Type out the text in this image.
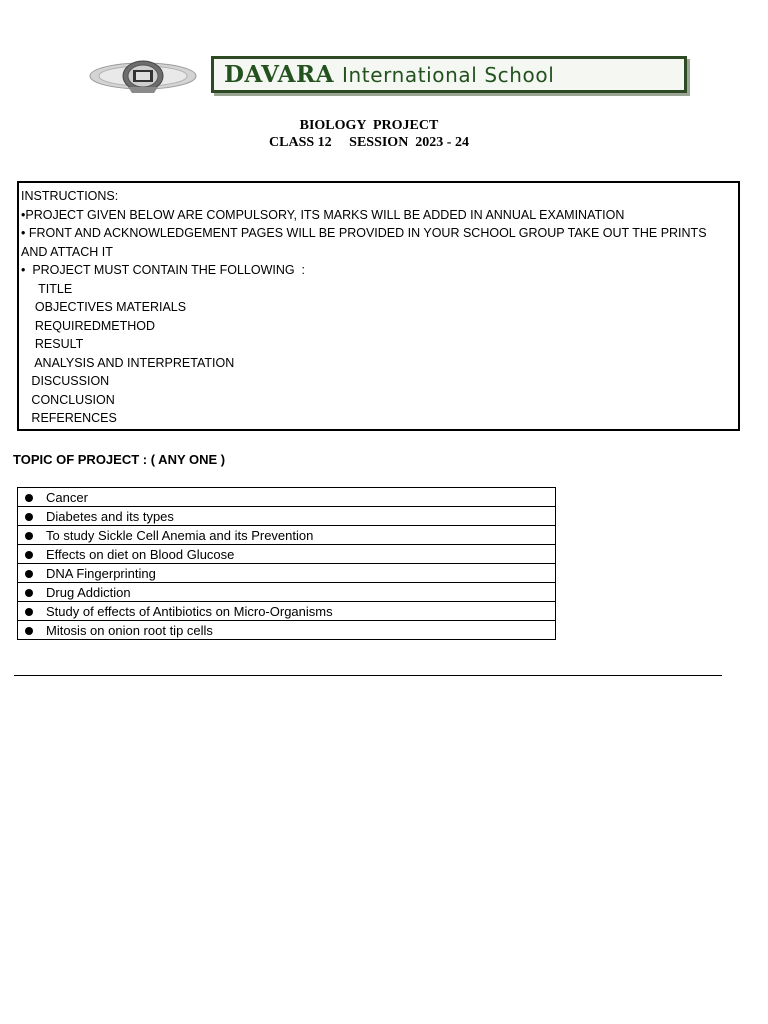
DAVARA International School
BIOLOGY  PROJECT
CLASS 12     SESSION  2023 - 24
INSTRUCTIONS:
•PROJECT GIVEN BELOW ARE COMPULSORY, ITS MARKS WILL BE ADDED IN ANNUAL EXAMINATION
• FRONT AND ACKNOWLEDGEMENT PAGES WILL BE PROVIDED IN YOUR SCHOOL GROUP TAKE OUT THE PRINTS AND ATTACH IT
•  PROJECT MUST CONTAIN THE FOLLOWING  :
TITLE
OBJECTIVES MATERIALS
REQUIREDMETHOD
RESULT
ANALYSIS AND INTERPRETATION
DISCUSSION
CONCLUSION
REFERENCES
TOPIC OF PROJECT : ( ANY ONE )
	Cancer
	Diabetes and its types
	To study Sickle Cell Anemia and its Prevention
	Effects on diet on Blood Glucose
	DNA Fingerprinting
	Drug Addiction
	Study of effects of Antibiotics on Micro-Organisms
	Mitosis on onion root tip cells
